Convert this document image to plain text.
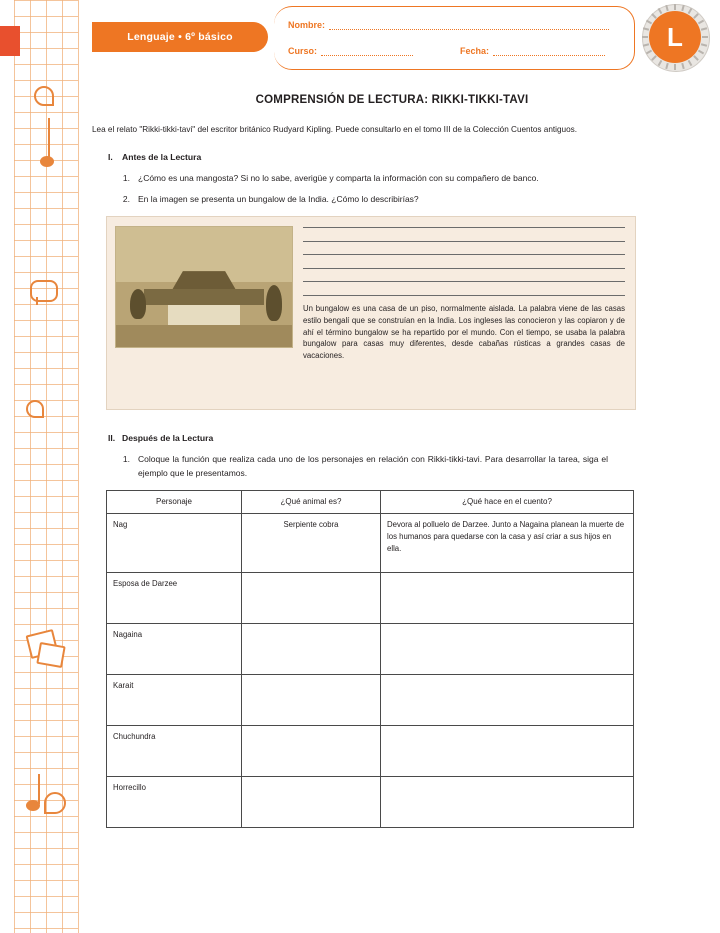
Lenguaje • 6º básico
Nombre:
Curso:	Fecha:	L
COMPRENSIÓN DE LECTURA: RIKKI-TIKKI-TAVI

Lea el relato "Rikki-tikki-tavi" del escritor británico Rudyard Kipling. Puede consultarlo en el tomo III de la Colección Cuentos antiguos.

I.	Antes de la Lectura
1. ¿Cómo es una mangosta? Si no lo sabe, averigüe y comparta la información con su compañero de banco.
2. En la imagen se presenta un bungalow de la India. ¿Cómo lo describirías?
Un bungalow es una casa de un piso, normalmente aislada. La palabra viene de las casas estilo bengalí que se construían en la India. Los ingleses las conocieron y las copiaron y de ahí el término bungalow se ha repartido por el mundo. Con el tiempo, se usaba la palabra bungalow para casas muy diferentes, desde cabañas rústicas a grandes casas de vacaciones.
II. Después de la Lectura
1. Coloque la función que realiza cada uno de los personajes en relación con Rikki-tikki-tavi. Para desarrollar la tarea, siga el ejemplo que le presentamos.
Personaje	¿Qué animal es?	¿Qué hace en el cuento?
Nag	Serpiente cobra	Devora al polluelo de Darzee. Junto a Nagaina planean la muerte de los humanos para quedarse con la casa y así criar a sus hijos en ella.
Esposa de Darzee		
Nagaina		
Karait		
Chuchundra		
Horrecillo		
